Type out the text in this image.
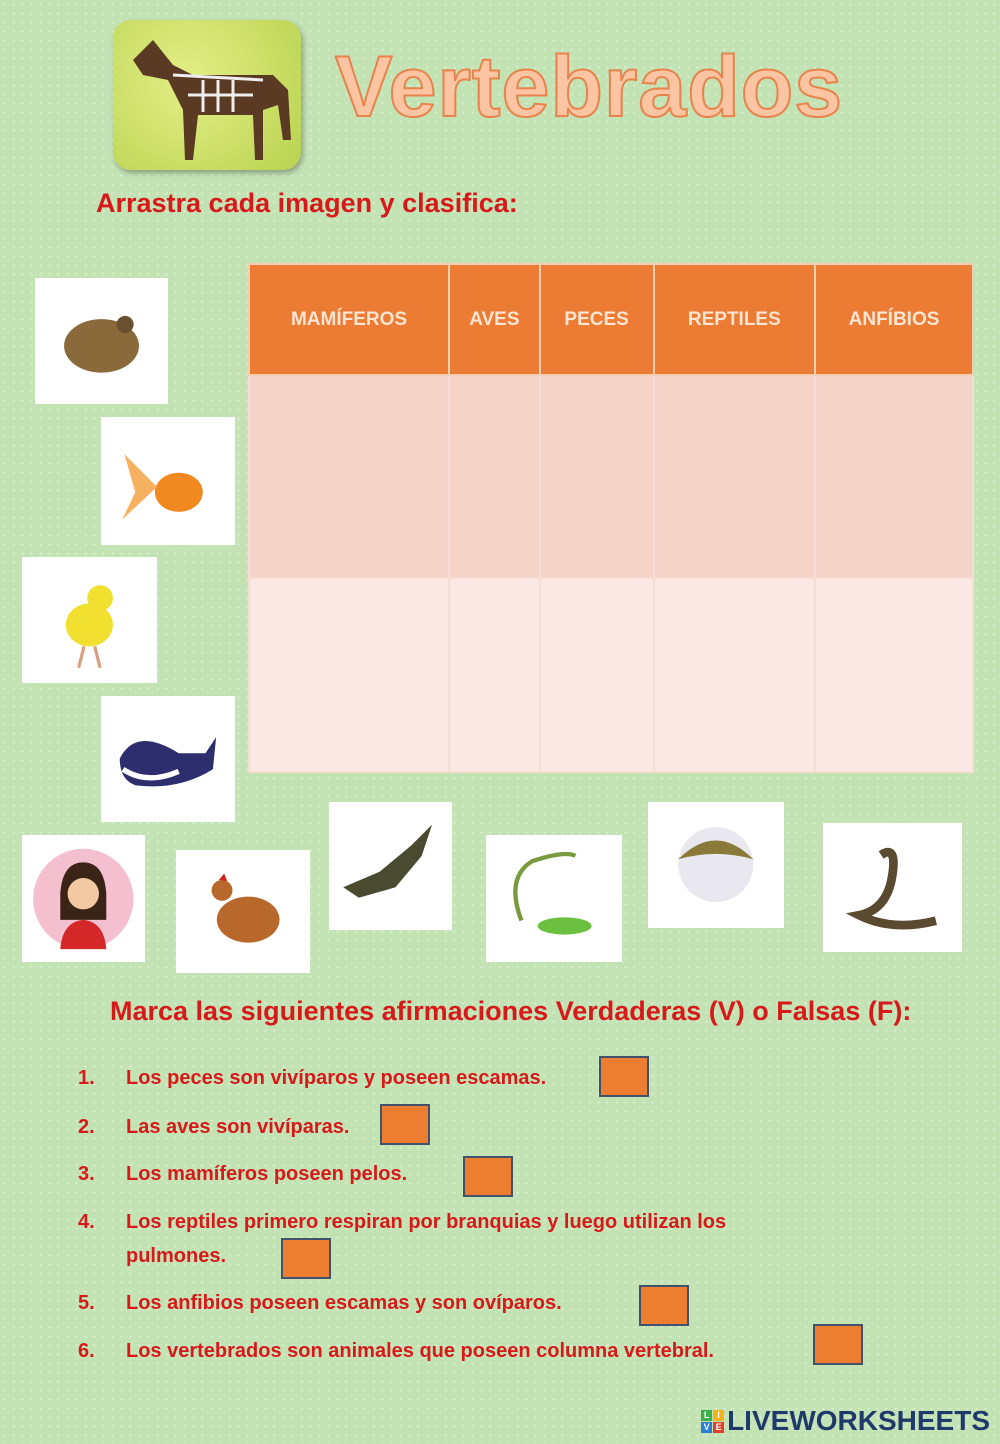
Vertebrados
Arrastra cada imagen y clasifica:
MAMÍFEROS	AVES	PECES	REPTILES	ANFÍBIOS

Marca las siguientes afirmaciones Verdaderas (V) o Falsas (F):
1. Los peces son vivíparos y poseen escamas.
2. Las aves son vivíparas.
3. Los mamíferos poseen pelos.
4. Los reptiles primero respiran por branquias y luego utilizan los
pulmones.
5. Los anfibios poseen escamas y son ovíparos.
6. Los vertebrados son animales que poseen columna vertebral.
L I
V E LIVEWORKSHEETS
